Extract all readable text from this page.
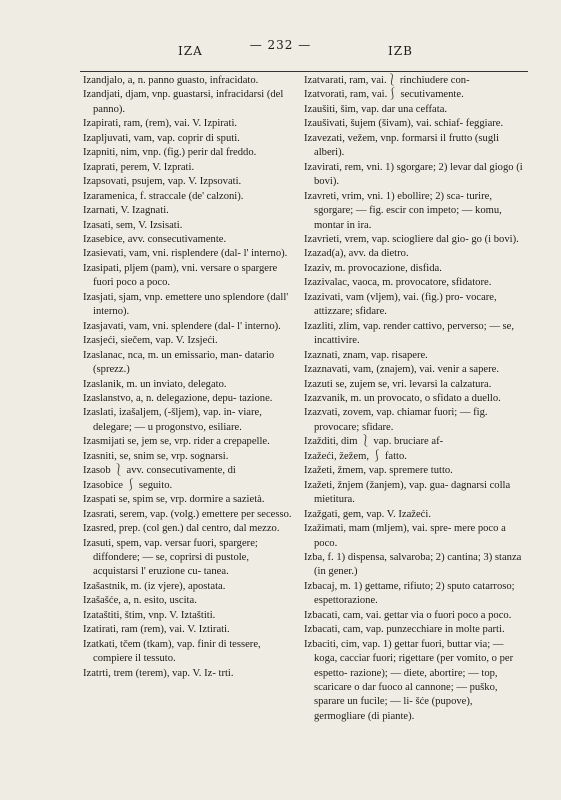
IZA	— 232 —	IZB

Izandjalo, a, n. panno guasto, infracidato.

Izandjati, djam, vnp. guastarsi, infracidarsi (del panno).

Izapirati, ram, (rem), vai. V. Izpirati.

Izapljuvati, vam, vap. coprir di sputi.

Izapniti, nim, vnp. (fig.) perir dal freddo.

Izaprati, perem, V. Izprati.

Izapsovati, psujem, vap. V. Izpsovati.

Izaramenica, f. straccale (de' calzoni).

Izarnati, V. Izagnati.

Izasati, sem, V. Izsisati.

Izasebice, avv. consecutivamente.

Izasievati, vam, vni. risplendere (dal- l' interno).

Izasipati, pljem (pam), vni. versare o spargere fuori poco a poco.

Izasjati, sjam, vnp. emettere uno splendore (dall' interno).

Izasjavati, vam, vni. splendere (dal- l' interno).

Izasjeći, siečem, vap. V. Izsjeći.

Izaslanac, nca, m. un emissario, man- datario (sprezz.)

Izaslanik, m. un inviato, delegato.

Izaslanstvo, a, n. delegazione, depu- tazione.

Izaslati, izašaljem, (-šljem), vap. in- viare, delegare; — u progonstvo, esiliare.

Izasmijati se, jem se, vrp. rider a crepapelle.

Izasniti, se, snim se, vrp. sognarsi.

Izasob ⎱ avv. consecutivamente, di

Izasobice ⎰ seguito.

Izaspati se, spim se, vrp. dormire a sazietà.

Izasrati, serem, vap. (volg.) emettere per secesso.

Izasred, prep. (col gen.) dal centro, dal mezzo.

Izasuti, spem, vap. versar fuori, spargere; diffondere; — se, coprirsi di pustole, acquistarsi l' eruzione cu- tanea.

Izašastnik, m. (iz vjere), apostata.

Izašašće, a, n. esito, uscita.

Izataštiti, štim, vnp. V. Iztaštiti.

Izatirati, ram (rem), vai. V. Iztirati.

Izatkati, tčem (tkam), vap. finir di tessere, compiere il tessuto.

Izatrti, trem (terem), vap. V. Iz- trti.

Izatvarati, ram, vai.⎱ rinchiudere con-

Izatvorati, ram, vai.⎰ secutivamente.

Izaušiti, šim, vap. dar una ceffata.

Izaušivati, šujem (šivam), vai. schiaf- feggiare.

Izavezati, vežem, vnp. formarsi il frutto (sugli alberi).

Izavirati, rem, vni. 1) sgorgare; 2) levar dal giogo (i bovi).

Izavreti, vrim, vni. 1) ebollire; 2) sca- turire, sgorgare; — fig. escir con impeto; — komu, montar in ira.

Izavrieti, vrem, vap. sciogliere dal gio- go (i bovi).

Izazad(a), avv. da dietro.

Izaziv, m. provocazione, disfida.

Izazivalac, vaoca, m. provocatore, sfidatore.

Izazivati, vam (vljem), vai. (fig.) pro- vocare, attizzare; sfidare.

Izazliti, zlim, vap. render cattivo, perverso; — se, incattivire.

Izaznati, znam, vap. risapere.

Izaznavati, vam, (znajem), vai. venir a sapere.

Izazuti se, zujem se, vri. levarsi la calzatura.

Izazvanik, m. un provocato, o sfidato a duello.

Izazvati, zovem, vap. chiamar fuori; — fig. provocare; sfidare.

Izažditi, dim ⎱ vap. bruciare af-

Izažeći, žežem, ⎰ fatto.

Izažeti, žmem, vap. spremere tutto.

Izažeti, žnjem (žanjem), vap. gua- dagnarsi colla mietitura.

Izažgati, gem, vap. V. Izažeći.

Izažimati, mam (mljem), vai. spre- mere poco a poco.

Izba, f. 1) dispensa, salvaroba; 2) cantina; 3) stanza (in gener.)

Izbacaj, m. 1) gettame, rifiuto; 2) sputo catarroso; espettorazione.

Izbacati, cam, vai. gettar via o fuori poco a poco.

Izbacati, cam, vap. punzecchiare in molte parti.

Izbaciti, cim, vap. 1) gettar fuori, buttar via; — koga, cacciar fuori; rigettare (per vomito, o per espetto- razione); — diete, abortire; — top, scaricare o dar fuoco al cannone; — puško, sparare un fucile; — li- šće (pupove), germogliare (di piante).
